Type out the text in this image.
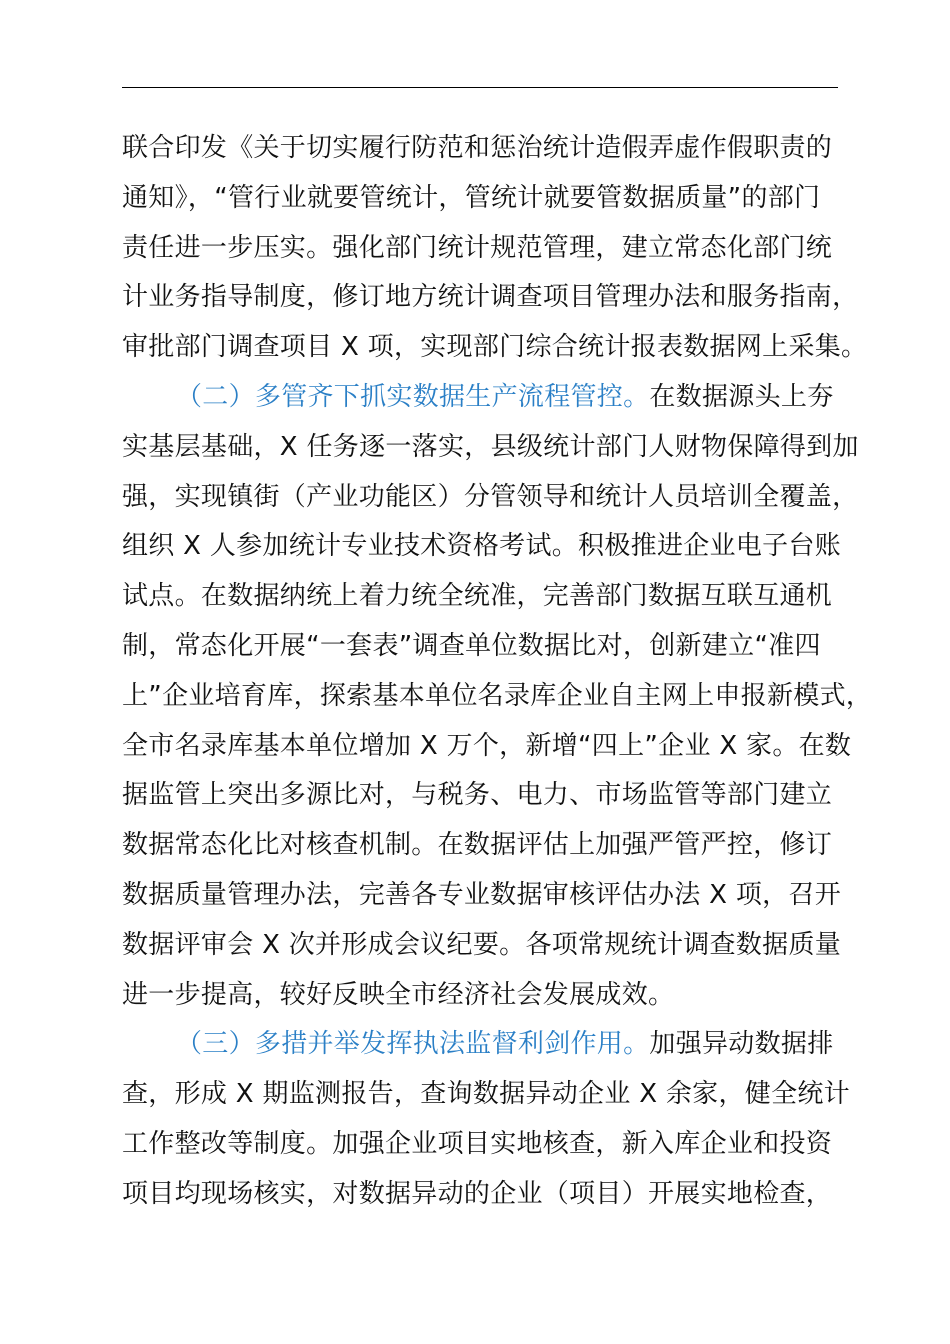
联合印发《关于切实履行防范和惩治统计造假弄虚作假职责的
通知》，“管行业就要管统计，管统计就要管数据质量”的部门
责任进一步压实。强化部门统计规范管理，建立常态化部门统
计业务指导制度，修订地方统计调查项目管理办法和服务指南，
审批部门调查项目 X 项，实现部门综合统计报表数据网上采集。
（二）多管齐下抓实数据生产流程管控。在数据源头上夯
实基层基础，X 任务逐一落实，县级统计部门人财物保障得到加
强，实现镇街（产业功能区）分管领导和统计人员培训全覆盖，
组织 X 人参加统计专业技术资格考试。积极推进企业电子台账
试点。在数据纳统上着力统全统准，完善部门数据互联互通机
制，常态化开展“一套表”调查单位数据比对，创新建立“准四
上”企业培育库，探索基本单位名录库企业自主网上申报新模式，
全市名录库基本单位增加 X 万个，新增“四上”企业 X 家。在数
据监管上突出多源比对，与税务、电力、市场监管等部门建立
数据常态化比对核查机制。在数据评估上加强严管严控，修订
数据质量管理办法，完善各专业数据审核评估办法 X 项，召开
数据评审会 X 次并形成会议纪要。各项常规统计调查数据质量
进一步提高，较好反映全市经济社会发展成效。
（三）多措并举发挥执法监督利剑作用。加强异动数据排
查，形成 X 期监测报告，查询数据异动企业 X 余家，健全统计
工作整改等制度。加强企业项目实地核查，新入库企业和投资
项目均现场核实，对数据异动的企业（项目）开展实地检查，
